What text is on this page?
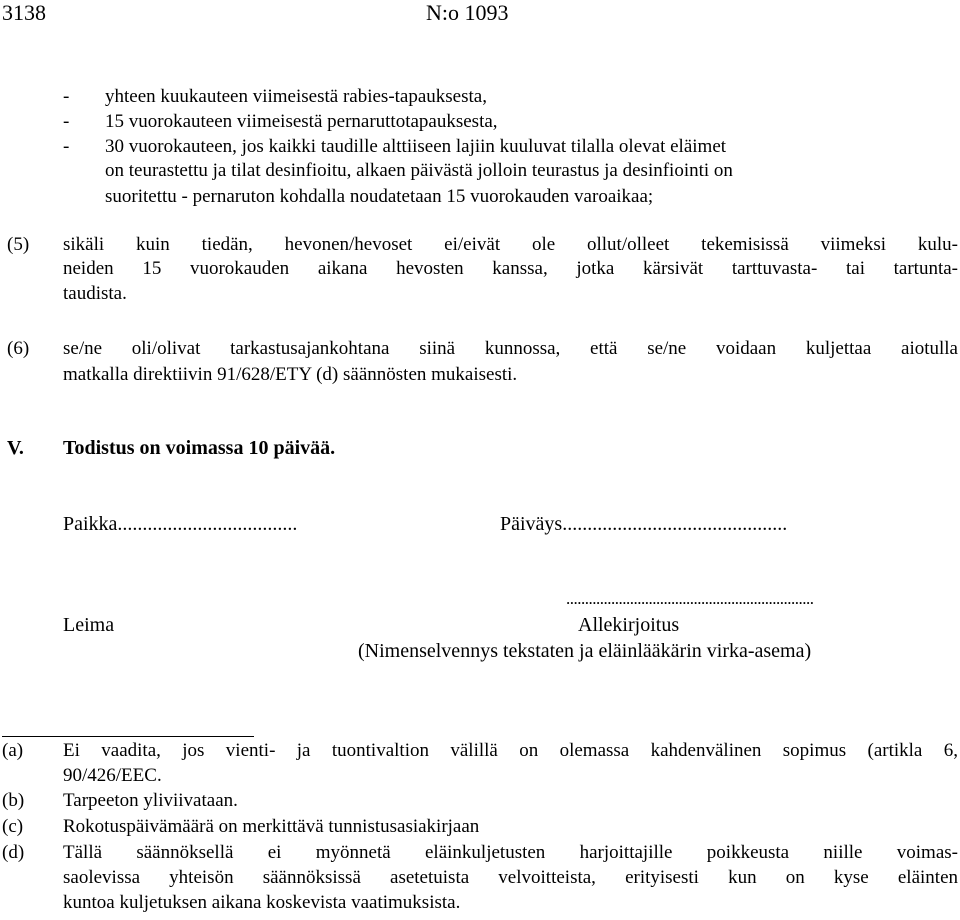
3138	N:o 1093
- yhteen kuukauteen viimeisestä rabies-tapauksesta,
- 15 vuorokauteen viimeisestä pernaruttotapauksesta,
- 30 vuorokauteen, jos kaikki taudille alttiiseen lajiin kuuluvat tilalla olevat eläimet
on teurastettu ja tilat desinfioitu, alkaen päivästä jolloin teurastus ja desinfiointi on
suoritettu - pernaruton kohdalla noudatetaan 15 vuorokauden varoaikaa;
(5) sikäli kuin tiedän, hevonen/hevoset ei/eivät ole ollut/olleet tekemisissä viimeksi kulu-
neiden 15 vuorokauden aikana hevosten kanssa, jotka kärsivät tarttuvasta- tai tartunta-
taudista.
(6) se/ne oli/olivat tarkastusajankohtana siinä kunnossa, että se/ne voidaan kuljettaa aiotulla
matkalla direktiivin 91/628/ETY (d) säännösten mukaisesti.
V. Todistus on voimassa 10 päivää.
Paikka....................................	Päiväys.............................................
..................................................................
Leima	Allekirjoitus
(Nimenselvennys tekstaten ja eläinlääkärin virka-asema)
(a) Ei vaadita, jos vienti- ja tuontivaltion välillä on olemassa kahdenvälinen sopimus (artikla 6,
90/426/EEC.
(b) Tarpeeton yliviivataan.
(c) Rokotuspäivämäärä on merkittävä tunnistusasiakirjaan
(d) Tällä säännöksellä ei myönnetä eläinkuljetusten harjoittajille poikkeusta niille voimas-
saolevissa yhteisön säännöksissä asetetuista velvoitteista, erityisesti kun on kyse eläinten
kuntoa kuljetuksen aikana koskevista vaatimuksista.
